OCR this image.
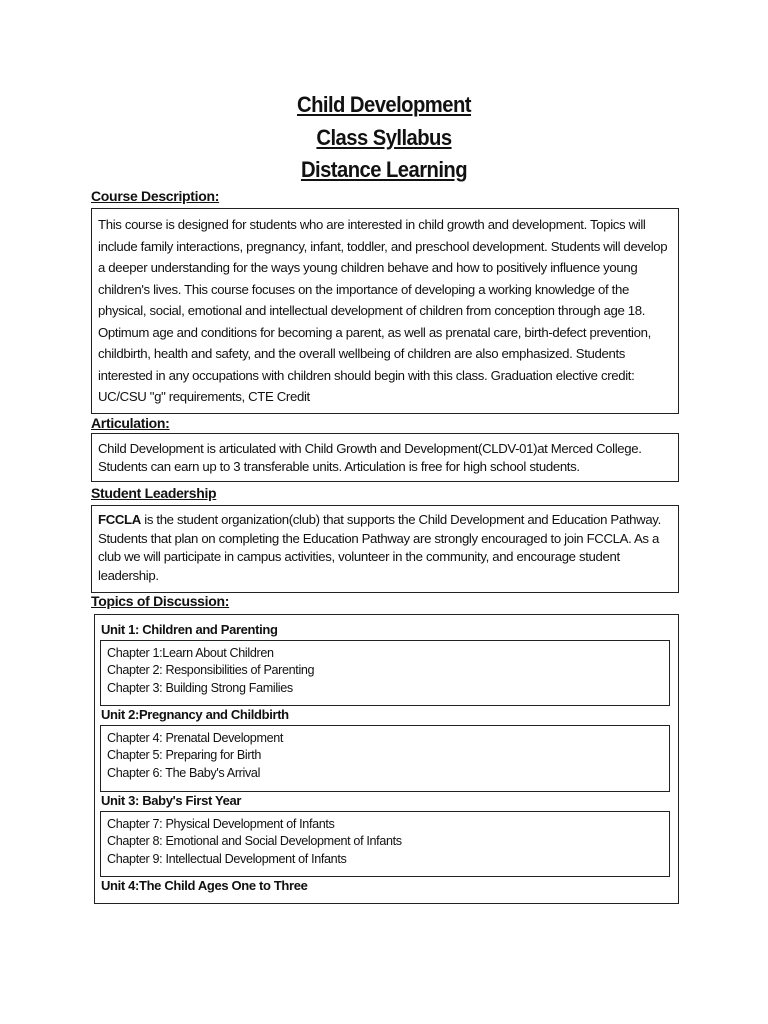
Child Development
Class Syllabus
Distance Learning
Course Description:
This course is designed for students who are interested in child growth and development. Topics will include family interactions, pregnancy, infant, toddler, and preschool development. Students will develop a deeper understanding for the ways young children behave and how to positively influence young children's lives. This course focuses on the importance of developing a working knowledge of the physical, social, emotional and intellectual development of children from conception through age 18. Optimum age and conditions for becoming a parent, as well as prenatal care, birth-defect prevention, childbirth, health and safety, and the overall wellbeing of children are also emphasized. Students interested in any occupations with children should begin with this class. Graduation elective credit: UC/CSU "g" requirements, CTE Credit
Articulation:
Child Development is articulated with Child Growth and Development(CLDV-01)at Merced College. Students can earn up to 3 transferable units. Articulation is free for high school students.
Student Leadership
FCCLA is the student organization(club) that supports the Child Development and Education Pathway. Students that plan on completing the Education Pathway are strongly encouraged to join FCCLA. As a club we will participate in campus activities, volunteer in the community, and encourage student leadership.
Topics of Discussion:
Unit 1: Children and Parenting
Chapter 1:Learn About Children
Chapter 2: Responsibilities of Parenting
Chapter 3: Building Strong Families
Unit 2:Pregnancy and Childbirth
Chapter 4: Prenatal Development
Chapter 5: Preparing for Birth
Chapter 6: The Baby's Arrival
Unit 3: Baby's First Year
Chapter 7: Physical Development of Infants
Chapter 8: Emotional and Social Development of Infants
Chapter 9: Intellectual Development of Infants
Unit 4:The Child Ages One to Three
